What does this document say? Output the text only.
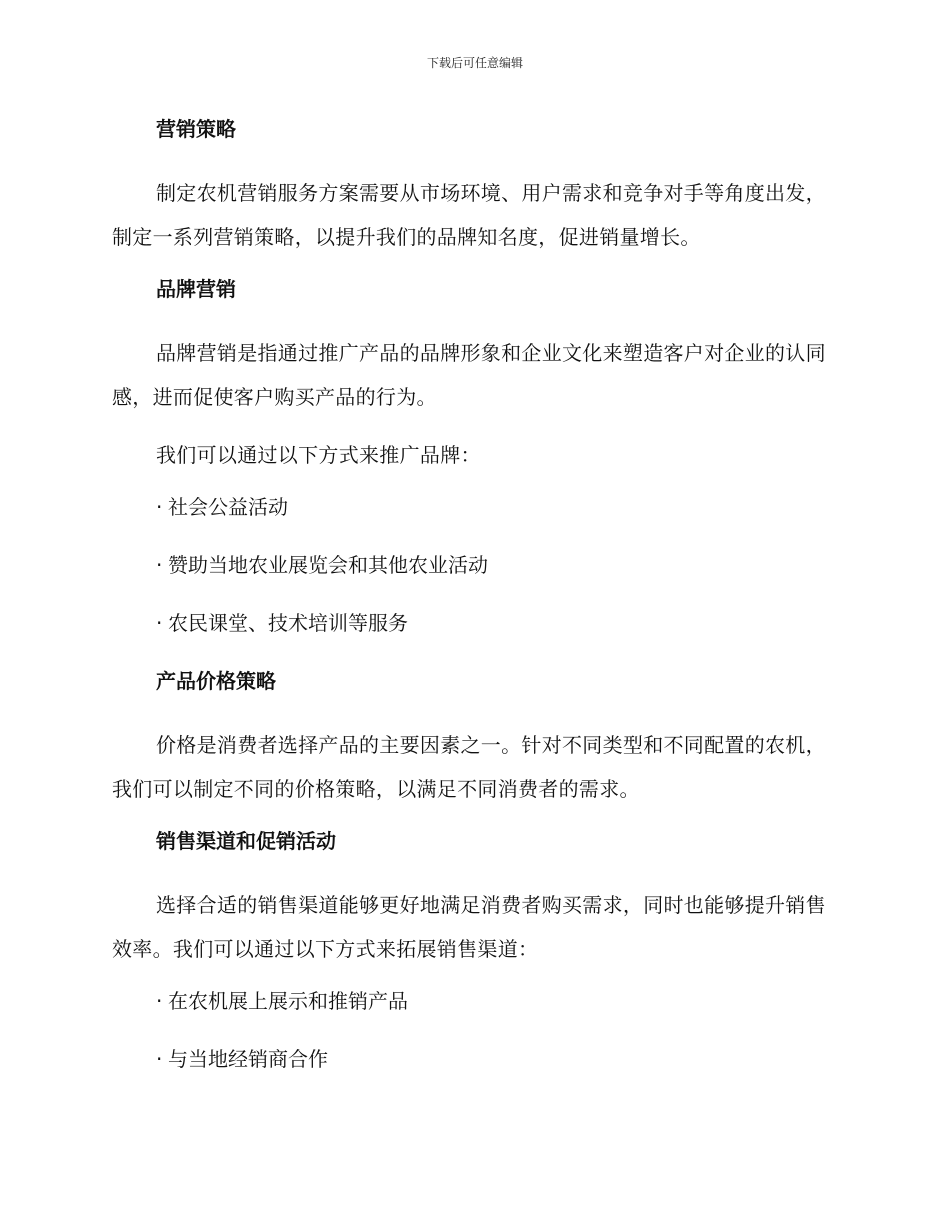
下载后可任意编辑
营销策略

制定农机营销服务方案需要从市场环境、用户需求和竞争对手等角度出发，制定一系列营销策略，以提升我们的品牌知名度，促进销量增长。

品牌营销

品牌营销是指通过推广产品的品牌形象和企业文化来塑造客户对企业的认同感，进而促使客户购买产品的行为。

我们可以通过以下方式来推广品牌：

· 社会公益活动

· 赞助当地农业展览会和其他农业活动

· 农民课堂、技术培训等服务

产品价格策略

价格是消费者选择产品的主要因素之一。针对不同类型和不同配置的农机，我们可以制定不同的价格策略，以满足不同消费者的需求。

销售渠道和促销活动

选择合适的销售渠道能够更好地满足消费者购买需求，同时也能够提升销售效率。我们可以通过以下方式来拓展销售渠道：

· 在农机展上展示和推销产品

· 与当地经销商合作
